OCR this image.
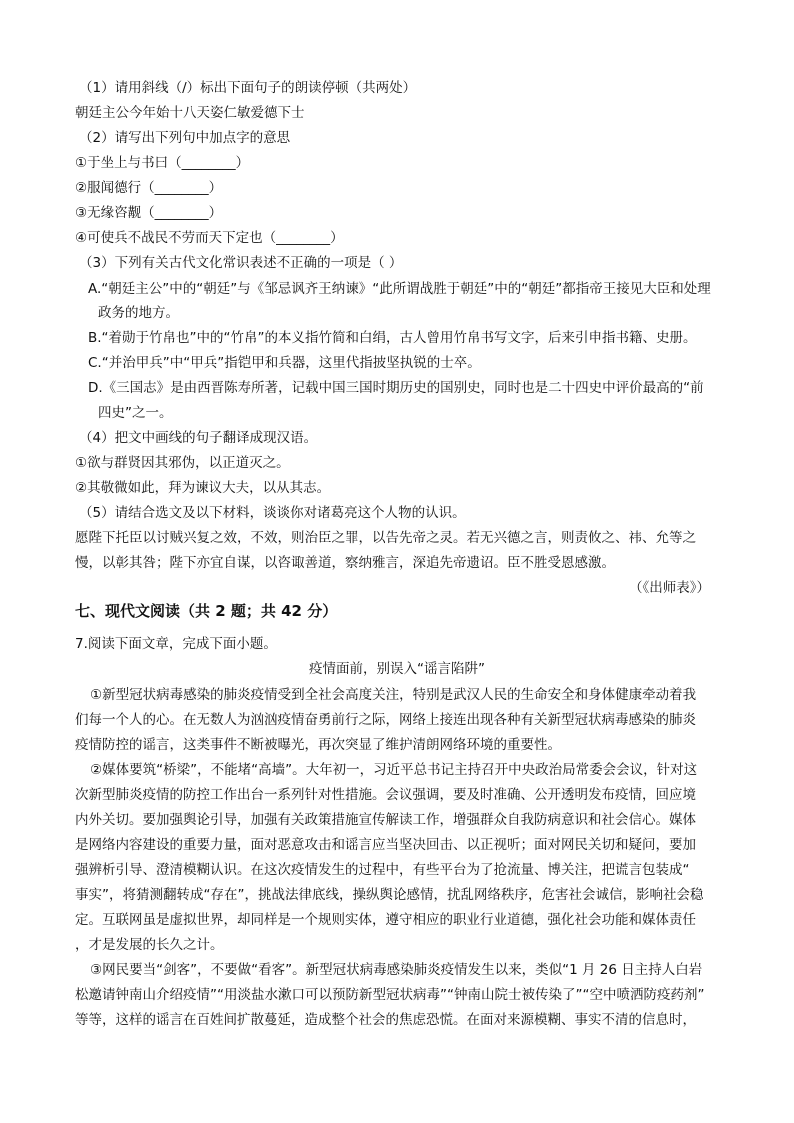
（1）请用斜线（/）标出下面句子的朗读停顿（共两处）
朝廷主公今年始十八天姿仁敏爱德下士
（2）请写出下列句中加点字的意思
①于坐上与书曰（________）
②服闻德行（________）
③无缘咨觏（________）
④可使兵不战民不劳而天下定也（________）
（3）下列有关古代文化常识表述不正确的一项是（ ）
A.“朝廷主公”中的“朝廷”与《邹忌讽齐王纳谏》“此所谓战胜于朝廷”中的“朝廷”都指帝王接见大臣和处理
政务的地方。
B.“着勋于竹帛也”中的“竹帛”的本义指竹简和白绢，古人曾用竹帛书写文字，后来引申指书籍、史册。
C.“并治甲兵”中“甲兵”指铠甲和兵器，这里代指披坚执锐的士卒。
D.《三国志》是由西晋陈寿所著，记载中国三国时期历史的国别史，同时也是二十四史中评价最高的“前
四史”之一。
（4）把文中画线的句子翻译成现汉语。
①欲与群贤因其邪伪，以正道灭之。
②其敬微如此，拜为谏议大夫，以从其志。
（5）请结合选文及以下材料，谈谈你对诸葛亮这个人物的认识。
愿陛下托臣以讨贼兴复之效，不效，则治臣之罪，以告先帝之灵。若无兴德之言，则责攸之、祎、允等之
慢，以彰其咎；陛下亦宜自谋，以咨诹善道，察纳雅言，深追先帝遗诏。臣不胜受恩感激。
（《出师表》）
七、现代文阅读（共 2 题；共 42 分）
7.阅读下面文章，完成下面小题。
疫情面前，别误入“谣言陷阱”
①新型冠状病毒感染的肺炎疫情受到全社会高度关注，特别是武汉人民的生命安全和身体健康牵动着我
们每一个人的心。在无数人为汹汹疫情奋勇前行之际，网络上接连出现各种有关新型冠状病毒感染的肺炎
疫情防控的谣言，这类事件不断被曝光，再次突显了维护清朗网络环境的重要性。
②媒体要筑“桥梁”，不能堵“高墙”。大年初一，习近平总书记主持召开中央政治局常委会会议，针对这
次新型肺炎疫情的防控工作出台一系列针对性措施。会议强调，要及时准确、公开透明发布疫情，回应境
内外关切。要加强舆论引导，加强有关政策措施宣传解读工作，增强群众自我防病意识和社会信心。媒体
是网络内容建设的重要力量，面对恶意攻击和谣言应当坚决回击、以正视听；面对网民关切和疑问，要加
强辨析引导、澄清模糊认识。在这次疫情发生的过程中，有些平台为了抢流量、博关注，把谎言包装成“
事实”，将猜测翻转成“存在”，挑战法律底线，操纵舆论感情，扰乱网络秩序，危害社会诚信，影响社会稳
定。互联网虽是虚拟世界，却同样是一个规则实体，遵守相应的职业行业道德，强化社会功能和媒体责任
，才是发展的长久之计。
③网民要当“剑客”，不要做“看客”。新型冠状病毒感染肺炎疫情发生以来，类似“1 月 26 日主持人白岩
松邀请钟南山介绍疫情”“用淡盐水漱口可以预防新型冠状病毒”“钟南山院士被传染了”“空中喷洒防疫药剂”
等等，这样的谣言在百姓间扩散蔓延，造成整个社会的焦虑恐慌。在面对来源模糊、事实不清的信息时，
